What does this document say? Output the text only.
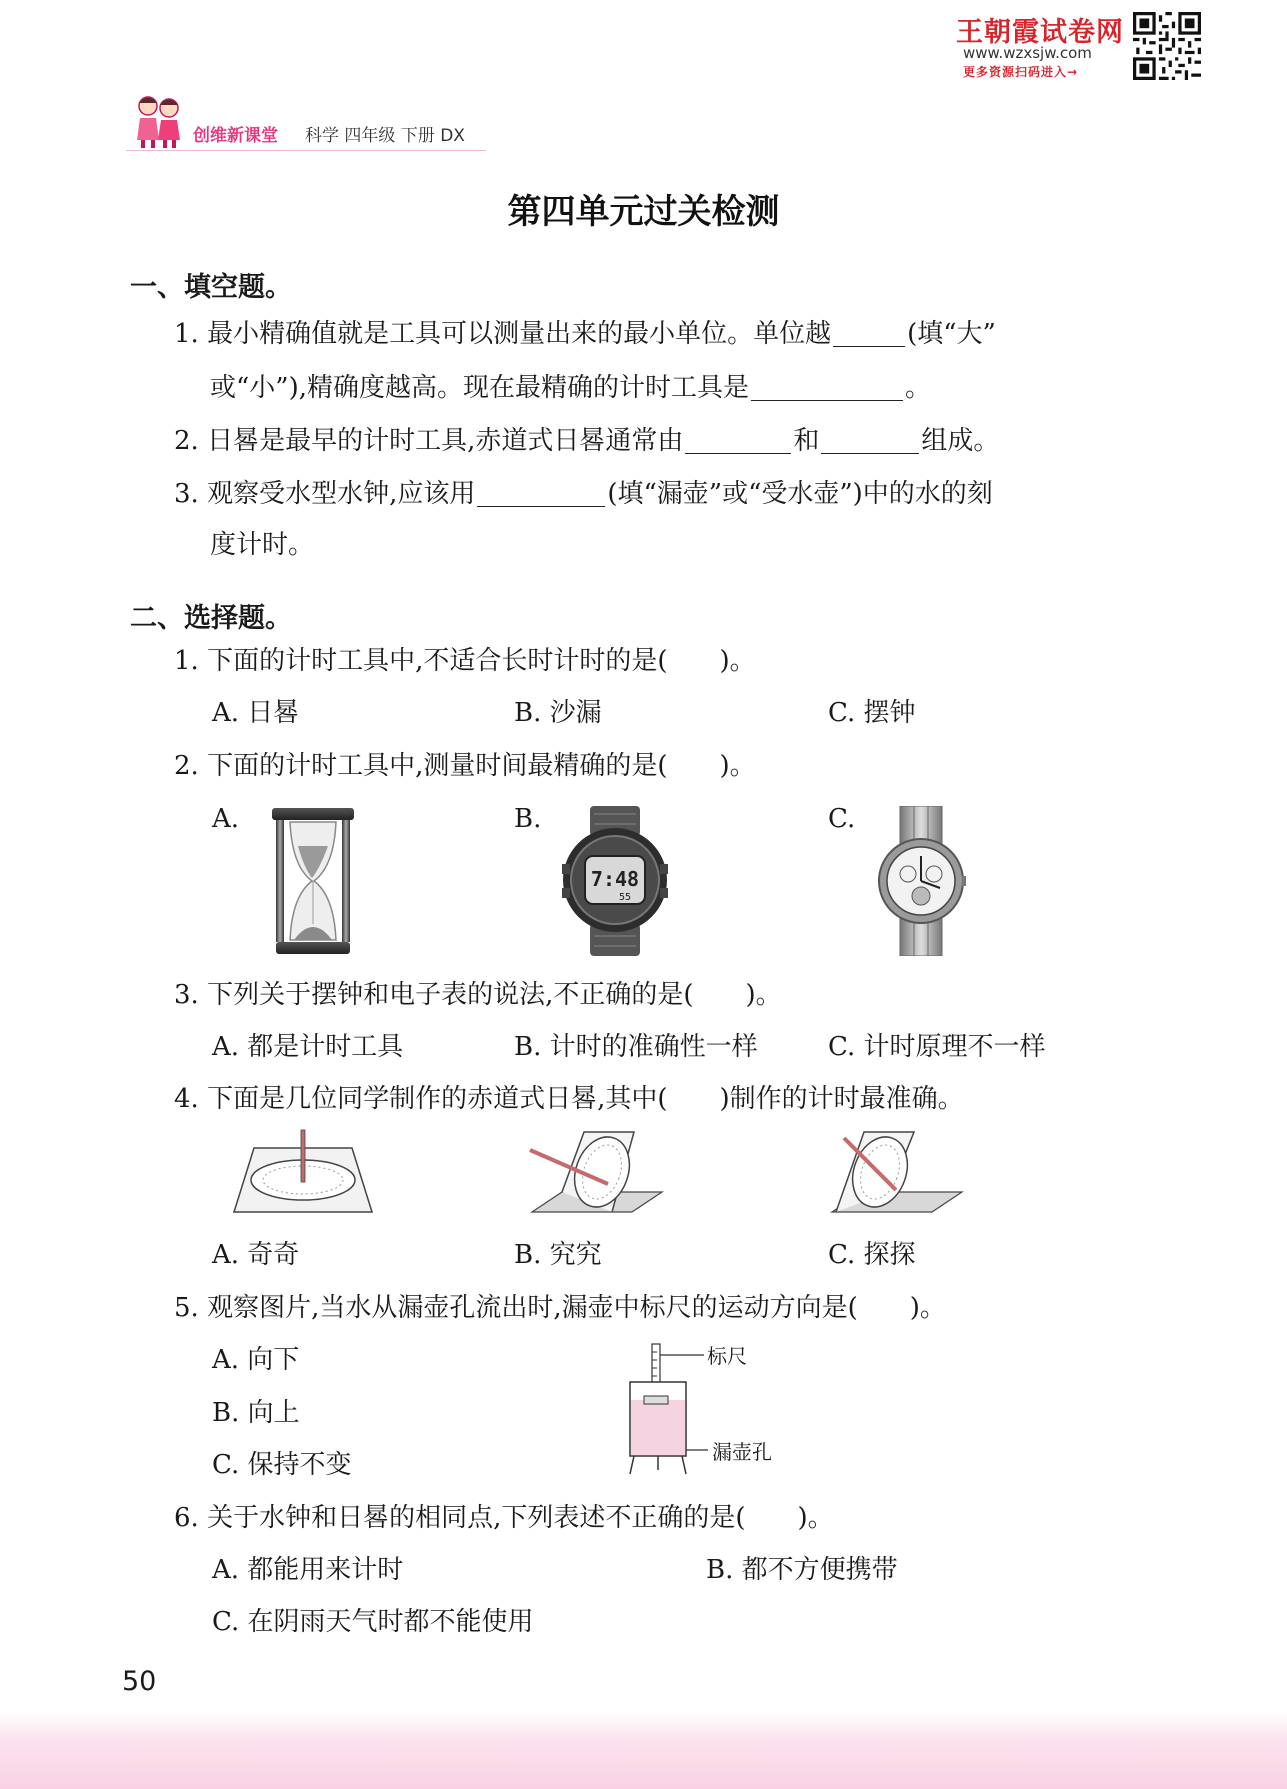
王朝霞试卷网
www.wzxsjw.com
更多资源扫码进入→
创维新课堂 科学 四年级 下册 DX
第四单元过关检测
一、填空题。
1. 最小精确值就是工具可以测量出来的最小单位。单位越	(填“大”
或“小”),精确度越高。现在最精确的计时工具是	。
2. 日晷是最早的计时工具,赤道式日晷通常由	和	组成。
3. 观察受水型水钟,应该用	(填“漏壶”或“受水壶”)中的水的刻
度计时。
二、选择题。
1. 下面的计时工具中,不适合长时计时的是(　　)。
A. 日晷	B. 沙漏	C. 摆钟
2. 下面的计时工具中,测量时间最精确的是(　　)。
A.	B.	C.
7:48
55
3. 下列关于摆钟和电子表的说法,不正确的是(　　)。
A. 都是计时工具	B. 计时的准确性一样	C. 计时原理不一样
4. 下面是几位同学制作的赤道式日晷,其中(　　)制作的计时最准确。
A. 奇奇	B. 究究	C. 探探
5. 观察图片,当水从漏壶孔流出时,漏壶中标尺的运动方向是(　　)。
A. 向下
B. 向上
C. 保持不变
标尺
漏壶孔
6. 关于水钟和日晷的相同点,下列表述不正确的是(　　)。
A. 都能用来计时	B. 都不方便携带
C. 在阴雨天气时都不能使用
50
